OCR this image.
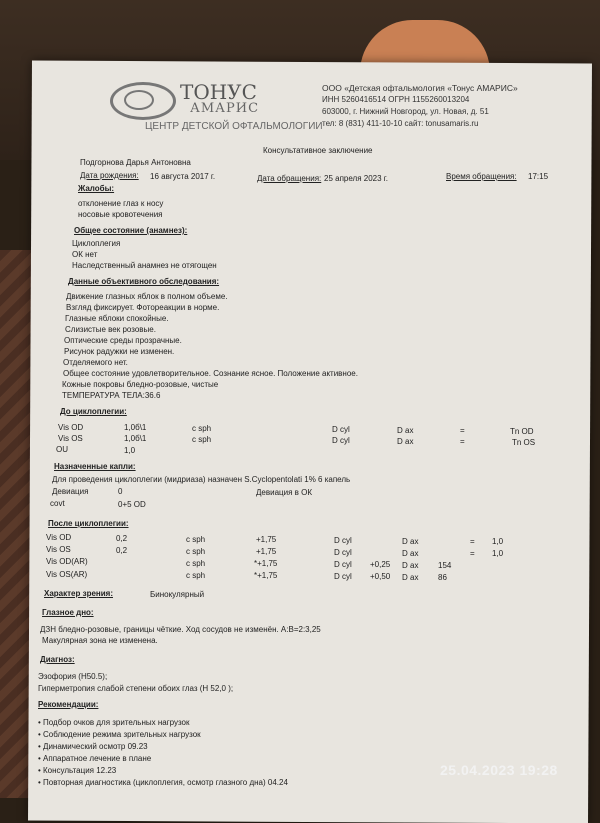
ТОНУС
АМАРИС
ЦЕНТР ДЕТСКОЙ ОФТАЛЬМОЛОГИИ
ООО «Детская офтальмология «Тонус АМАРИС»
ИНН 5260416514 ОГРН 1155260013204
603000, г. Нижний Новгород, ул. Новая, д. 51
тел: 8 (831) 411-10-10 сайт: tonusamaris.ru
Консультативное заключение
Подгорнова Дарья Антоновна
Дата рождения: 16 августа 2017 г.	Дата обращения: 25 апреля 2023 г.	Время обращения: 17:15
Жалобы:
отклонение глаз к носу
носовые кровотечения
Общее состояние (анамнез):
Циклоплегия
ОК нет
Наследственный анамнез не отягощен
Данные объективного обследования:
Движение глазных яблок в полном объеме.
Взгляд фиксирует. Фотореакции в норме.
Глазные яблоки спокойные.
Слизистые век розовые.
Оптические среды прозрачные.
Рисунок радужки не изменен.
Отделяемого нет.
Общее состояние удовлетворительное. Сознание ясное. Положение активное.
Кожные покровы бледно-розовые, чистые
ТЕМПЕРАТУРА ТЕЛА:36.6
До циклоплегии:
Vis OD	1,0б\1	c sph	D cyl	D ax	=	Tn OD
Vis OS	1,0б\1	c sph	D cyl	D ax	=	Tn OS
OU	1,0
Назначенные капли:
Для проведения циклоплегии (мидриаза) назначен S.Cyclopentolati 1% 6 капель
Девиация	0	Девиация в ОК
covt	0+5 OD
После циклоплегии:
Vis OD	0,2	c sph	+1,75	D cyl	D ax	= 1,0
Vis OS	0,2	c sph	+1,75	D cyl	D ax	= 1,0
Vis OD(AR)	c sph	*+1,75	D cyl +0,25 D ax 154
Vis OS(AR)	c sph	*+1,75	D cyl +0,50 D ax 86
Характер зрения:	Бинокулярный
Глазное дно:
ДЗН бледно-розовые, границы чёткие. Ход сосудов не изменён. А:В=2:3,25
Макулярная зона не изменена.
Диагноз:
Эзофория (Н50.5);
Гиперметропия слабой степени обоих глаз (Н 52,0 );
Рекомендации:
• Подбор очков для зрительных нагрузок
• Соблюдение режима зрительных нагрузок
• Динамический осмотр 09.23
• Аппаратное лечение в плане
• Консультация 12.23
• Повторная диагностика (циклоплегия, осмотр глазного дна) 04.24
25.04.2023 19:28
